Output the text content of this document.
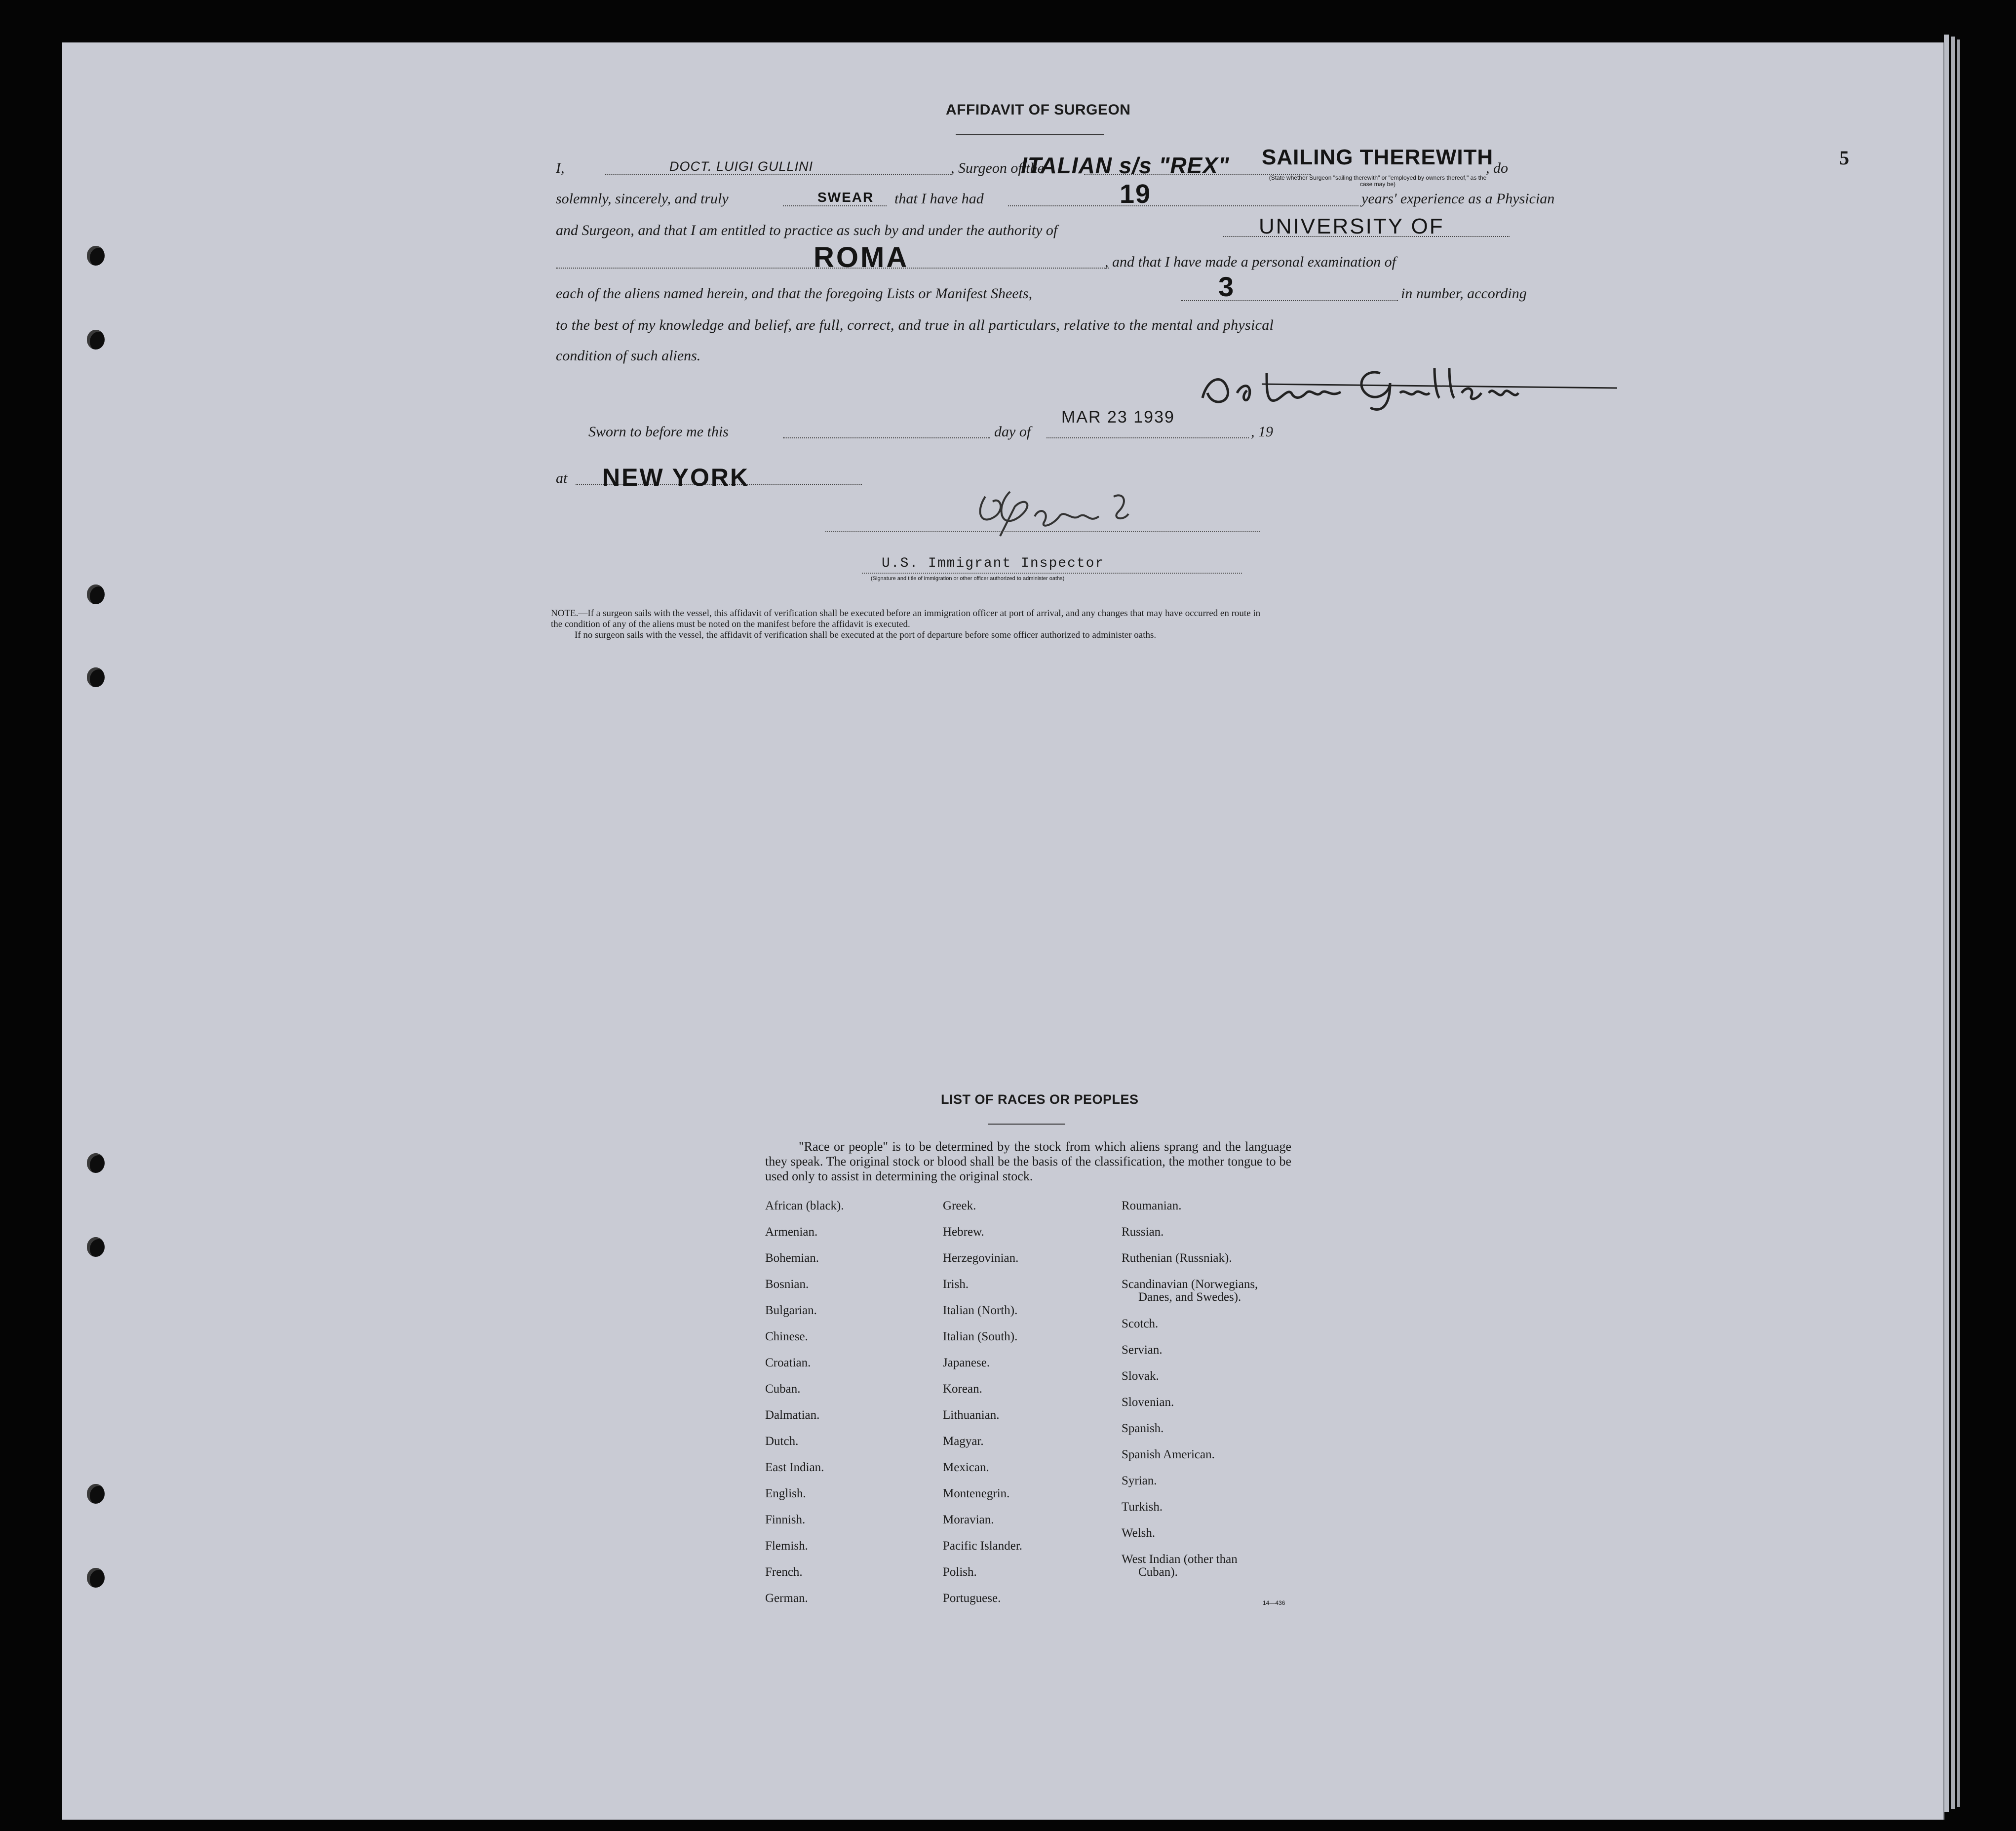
5
AFFIDAVIT OF SURGEON
I,	DOCT. LUIGI GULLINI	, Surgeon of the
ITALIAN s/s "REX" SAILING THEREWITH
, do
(State whether Surgeon "sailing therewith" or "employed by owners thereof," as the case may be)
solemnly, sincerely, and truly	SWEAR that I have had	19	years' experience as a Physician
and Surgeon, and that I am entitled to practice as such by and under the authority of	UNIVERSITY OF
ROMA	, and that I have made a personal examination of
each of the aliens named herein, and that the foregoing Lists or Manifest Sheets,	3	in number, according
to the best of my knowledge and belief, are full, correct, and true in all particulars, relative to the mental and physical
condition of such aliens.
Sworn to before me this	day of
MAR 23 1939
, 19
at NEW YORK
U.S. Immigrant Inspector
(Signature and title of immigration or other officer authorized to administer oaths)
NOTE.—If a surgeon sails with the vessel, this affidavit of verification shall be executed before an immigration officer at port of arrival, and any changes that may have occurred en route in
the condition of any of the aliens must be noted on the manifest before the affidavit is executed.
If no surgeon sails with the vessel, the affidavit of verification shall be executed at the port of departure before some officer authorized to administer oaths.
LIST OF RACES OR PEOPLES
"Race or people" is to be determined by the stock from which aliens sprang and the language they speak. The original stock or blood shall be the basis of the classification, the mother tongue to be used only to assist in determining the original stock.
African (black).
Armenian.
Bohemian.
Bosnian.
Bulgarian.
Chinese.
Croatian.
Cuban.
Dalmatian.
Dutch.
East Indian.
English.
Finnish.
Flemish.
French.
German.
Greek.
Hebrew.
Herzegovinian.
Irish.
Italian (North).
Italian (South).
Japanese.
Korean.
Lithuanian.
Magyar.
Mexican.
Montenegrin.
Moravian.
Pacific Islander.
Polish.
Portuguese.
Roumanian.
Russian.
Ruthenian (Russniak).
Scandinavian (Norwegians,
Danes, and Swedes).
Scotch.
Servian.
Slovak.
Slovenian.
Spanish.
Spanish American.
Syrian.
Turkish.
Welsh.
West Indian (other than
Cuban).
14—436
